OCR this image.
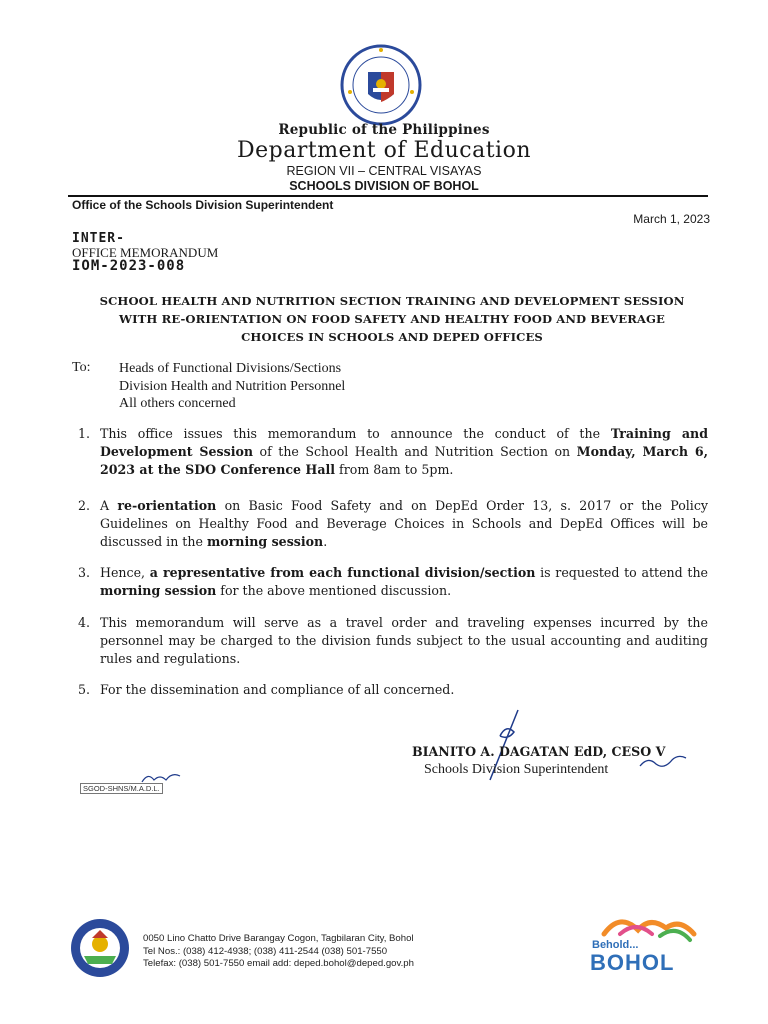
Republic of the Philippines
Department of Education
REGION VII – CENTRAL VISAYAS
SCHOOLS DIVISION OF BOHOL
Office of the Schools Division Superintendent
March 1, 2023
INTER-
OFFICE MEMORANDUM
IOM-2023-008
SCHOOL HEALTH AND NUTRITION SECTION TRAINING AND DEVELOPMENT SESSION
WITH RE-ORIENTATION ON FOOD SAFETY AND HEALTHY FOOD AND BEVERAGE
CHOICES IN SCHOOLS AND DEPED OFFICES
To: Heads of Functional Divisions/Sections
Division Health and Nutrition Personnel
All others concerned
1. This office issues this memorandum to announce the conduct of the Training and Development Session of the School Health and Nutrition Section on Monday, March 6, 2023 at the SDO Conference Hall from 8am to 5pm.
2. A re-orientation on Basic Food Safety and on DepEd Order 13, s. 2017 or the Policy Guidelines on Healthy Food and Beverage Choices in Schools and DepEd Offices will be discussed in the morning session.
3. Hence, a representative from each functional division/section is requested to attend the morning session for the above mentioned discussion.
4. This memorandum will serve as a travel order and traveling expenses incurred by the personnel may be charged to the division funds subject to the usual accounting and auditing rules and regulations.
5. For the dissemination and compliance of all concerned.
BIANITO A. DAGATAN EdD, CESO V
Schools Division Superintendent
SGOD-SHNS/M.A.D.L.
0050 Lino Chatto Drive Barangay Cogon, Tagbilaran City, Bohol
Tel Nos.: (038) 412-4938; (038) 411-2544 (038) 501-7550
Telefax: (038) 501-7550 email add: deped.bohol@deped.gov.ph
Behold...
BOHOL
